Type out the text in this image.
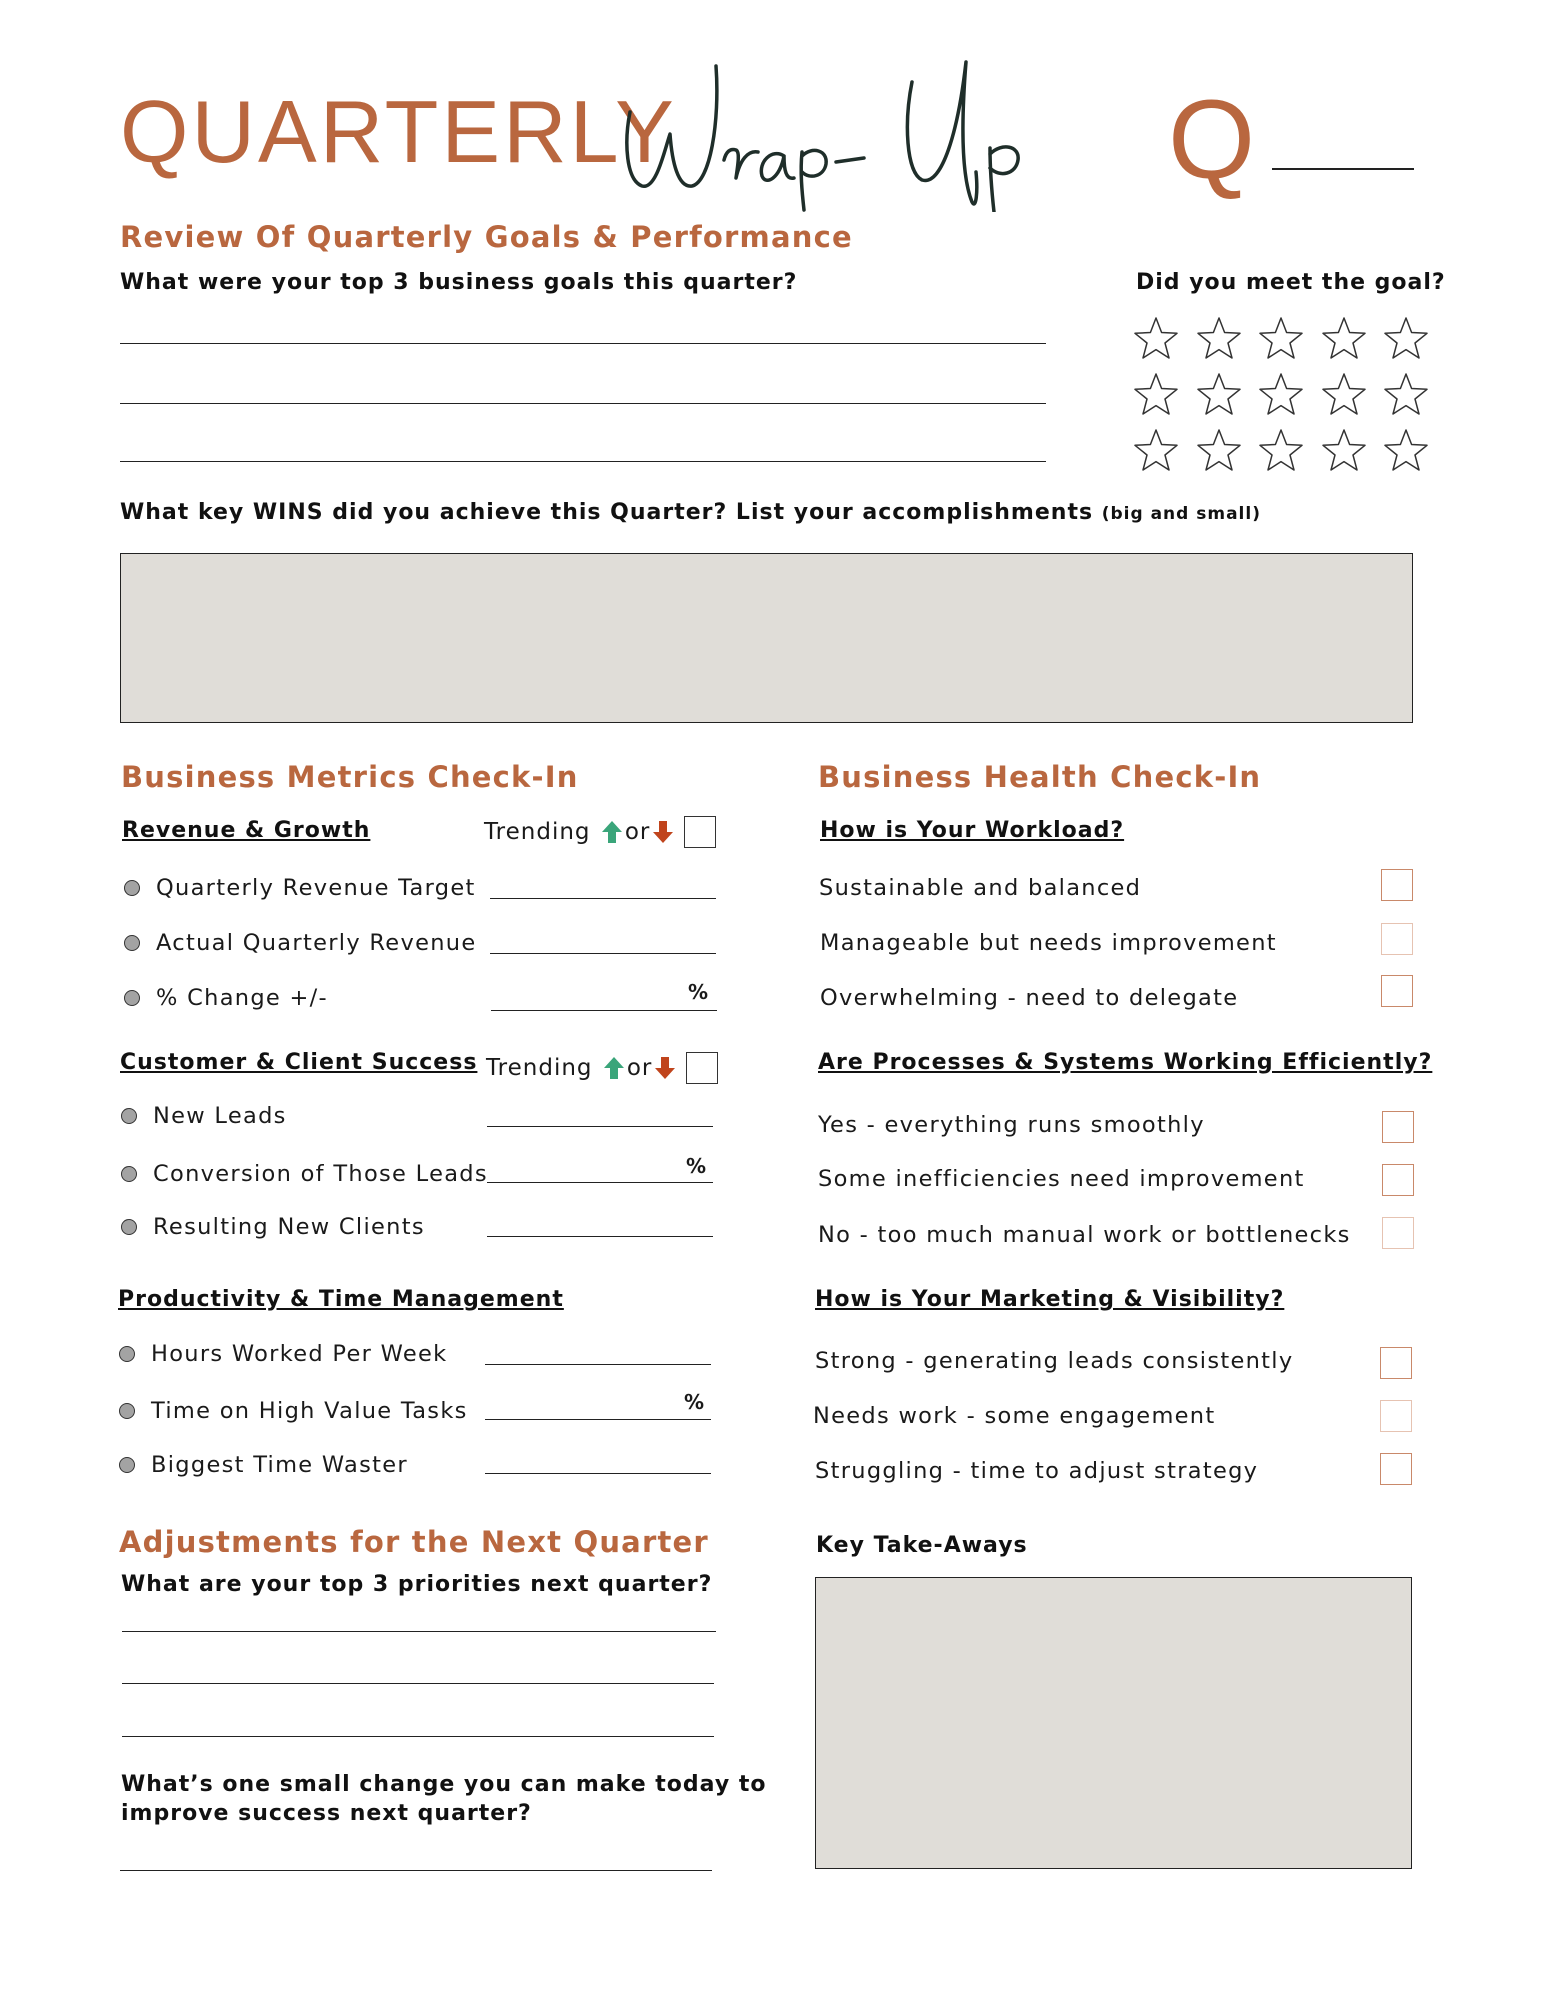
QUARTERLY	Q
Review Of Quarterly Goals & Performance
What were your top 3 business goals this quarter?	Did you meet the goal?
What key WINS did you achieve this Quarter? List your accomplishments (big and small)
Business Metrics Check-In
Revenue & Growth	Trending
or
Quarterly Revenue Target
Actual Quarterly Revenue
% Change +/-	%
Customer & Client Success Trending
or
New Leads
Conversion of Those Leads	%
Resulting New Clients
Productivity & Time Management
Hours Worked Per Week
Time on High Value Tasks	%
Biggest Time Waster
Business Health Check-In
How is Your Workload?
Sustainable and balanced
Manageable but needs improvement
Overwhelming - need to delegate
Are Processes & Systems Working Efficiently?
Yes - everything runs smoothly
Some inefficiencies need improvement
No - too much manual work or bottlenecks
How is Your Marketing & Visibility?
Strong - generating leads consistently
Needs work - some engagement
Struggling - time to adjust strategy
Key Take-Aways
Adjustments for the Next Quarter
What are your top 3 priorities next quarter?
What’s one small change you can make today to
improve success next quarter?
